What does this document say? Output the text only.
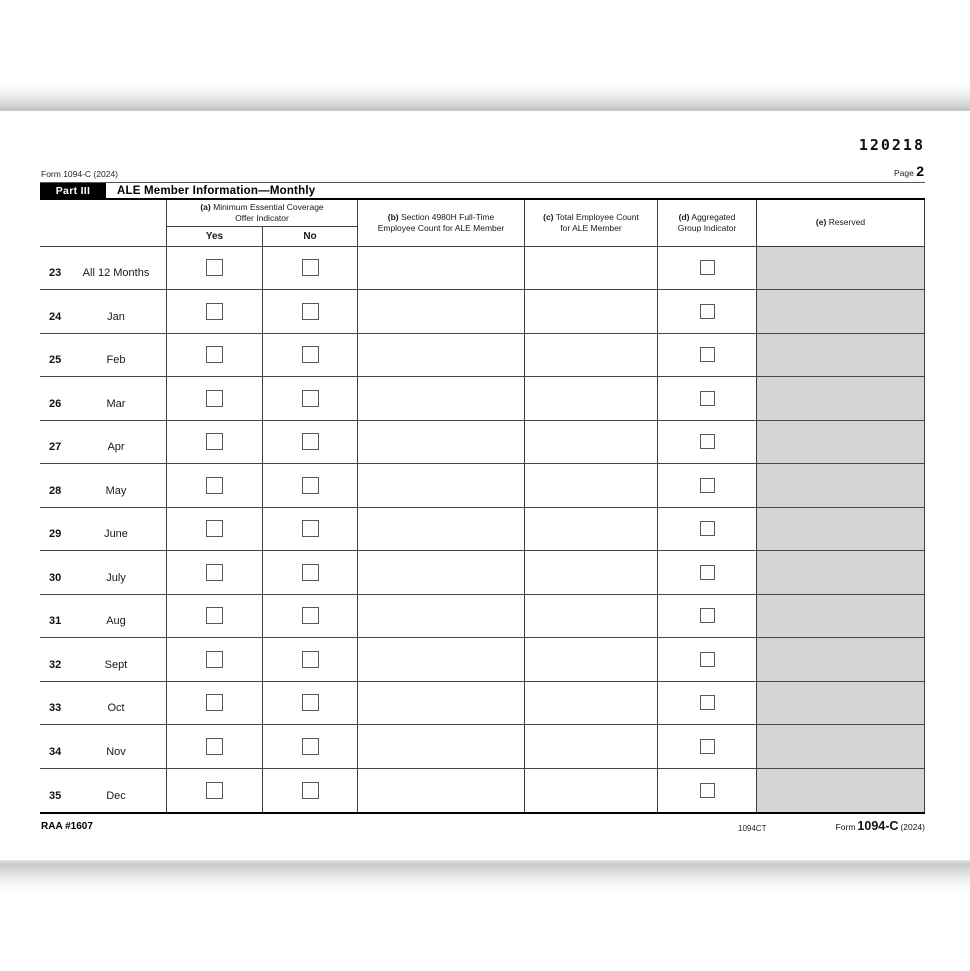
120218
Form 1094-C (2024)	Page 2
Part III	ALE Member Information—Monthly
(a) Minimum Essential Coverage
Offer Indicator
Yes	No
(b) Section 4980H Full-Time
Employee Count for ALE Member
(c) Total Employee Count
for ALE Member
(d) Aggregated
Group Indicator
(e) Reserved
23	All 12 Months
24	Jan
25	Feb
26	Mar
27	Apr
28	May
29	June
30	July
31	Aug
32	Sept
33	Oct
34	Nov
35	Dec
RAA #1607	1094CT	Form 1094-C (2024)
